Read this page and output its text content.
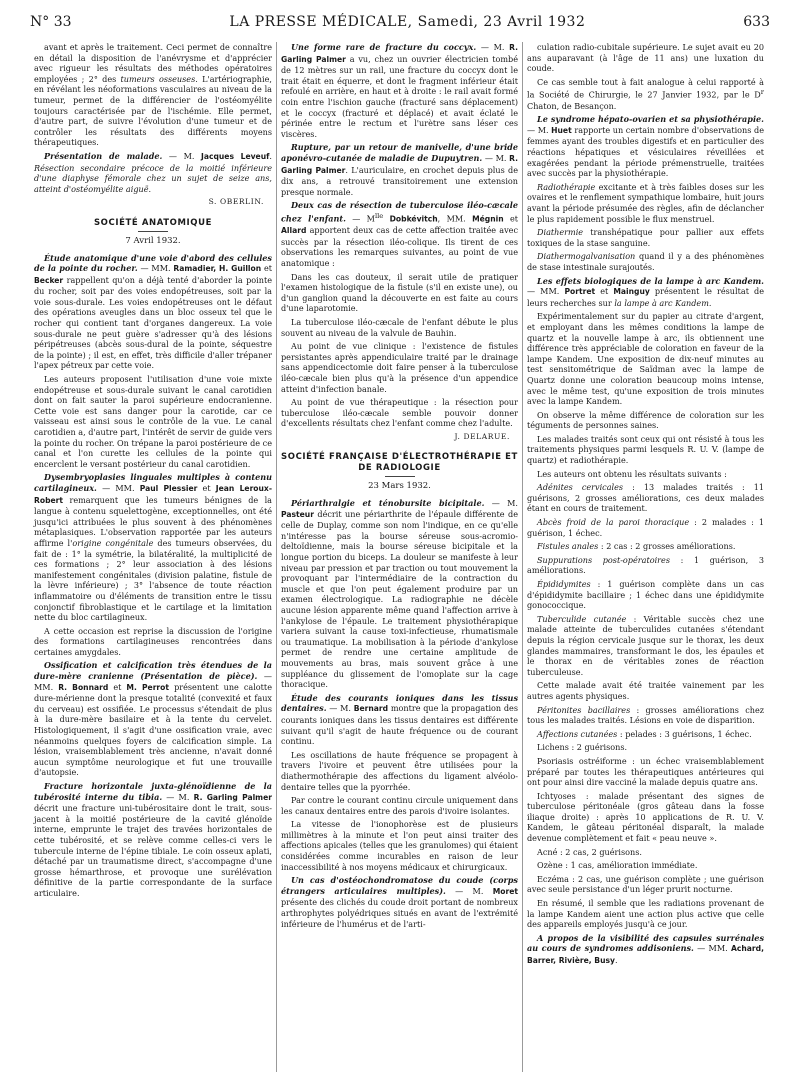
N° 33	LA PRESSE MÉDICALE, Samedi, 23 Avril 1932	633

avant et après le traitement. Ceci permet de connaître en détail la disposition de l'anévrysme et d'apprécier avec rigueur les résultats des méthodes opératoires employées ; 2° des tumeurs osseuses. L'artériographie, en révélant les néoformations vasculaires au niveau de la tumeur, permet de la différencier de l'ostéomyélite toujours caractérisée par de l'ischémie. Elle permet, d'autre part, de suivre l'évolution d'une tumeur et de contrôler les résultats des différents moyens thérapeutiques.

Présentation de malade. — M. Jacques Leveuf. Résection secondaire précoce de la moitié inférieure d'une diaphyse fémorale chez un sujet de seize ans, atteint d'ostéomyélite aiguë.

S. OBERLIN.
SOCIÉTÉ ANATOMIQUE
7 Avril 1932.

Étude anatomique d'une voie d'abord des cellules de la pointe du rocher. — MM. Ramadier, H. Guillon et Becker rappellent qu'on a déjà tenté d'aborder la pointe du rocher, soit par des voies endopétreuses, soit par la voie sous-durale. Les voies endopétreuses ont le défaut des opérations aveugles dans un bloc osseux tel que le rocher qui contient tant d'organes dangereux. La voie sous-durale ne peut guère s'adresser qu'à des lésions péripétreuses (abcès sous-dural de la pointe, séquestre de la pointe) ; il est, en effet, très difficile d'aller trépaner l'apex pétreux par cette voie.

Les auteurs proposent l'utilisation d'une voie mixte endopétreuse et sous-durale suivant le canal carotidien dont on fait sauter la paroi supérieure endocranienne. Cette voie est sans danger pour la carotide, car ce vaisseau est ainsi sous le contrôle de la vue. Le canal carotidien a, d'autre part, l'intérêt de servir de guide vers la pointe du rocher. On trépane la paroi postérieure de ce canal et l'on curette les cellules de la pointe qui encerclent le versant postérieur du canal carotidien.

Dysembryoplasies linguales multiples à contenu cartilagineux. — MM. Paul Plessier et Jean Leroux-Robert remarquent que les tumeurs bénignes de la langue à contenu squelettogène, exceptionnelles, ont été jusqu'ici attribuées le plus souvent à des phénomènes métaplasiques. L'observation rapportée par les auteurs affirme l'origine congénitale des tumeurs observées, du fait de : 1° la symétrie, la bilatéralité, la multiplicité de ces formations ; 2° leur association à des lésions manifestement congénitales (division palatine, fistule de la lèvre inférieure) ; 3° l'absence de toute réaction inflammatoire ou d'éléments de transition entre le tissu conjonctif fibroblastique et le cartilage et la limitation nette du bloc cartilagineux.

A cette occasion est reprise la discussion de l'origine des formations cartilagineuses rencontrées dans certaines amygdales.

Ossification et calcification très étendues de la dure-mère cranienne (Présentation de pièce). — MM. R. Bonnard et M. Perrot présentent une calotte dure-mérienne dont la presque totalité (convexité et faux du cerveau) est ossifiée. Le processus s'étendait de plus à la dure-mère basilaire et à la tente du cervelet. Histologiquement, il s'agit d'une ossification vraie, avec néanmoins quelques foyers de calcification simple. La lésion, vraisemblablement très ancienne, n'avait donné aucun symptôme neurologique et fut une trouvaille d'autopsie.

Fracture horizontale juxta-glénoïdienne de la tubérosité interne du tibia. — M. R. Garling Palmer décrit une fracture uni-tubérositaire dont le trait, sous-jacent à la moitié postérieure de la cavité glénoïde interne, emprunte le trajet des travées horizontales de cette tubérosité, et se relève comme celles-ci vers le tubercule interne de l'épine tibiale. Le coin osseux aplati, détaché par un traumatisme direct, s'accompagne d'une grosse hémarthrose, et provoque une surélévation définitive de la partie correspondante de la surface articulaire.

Une forme rare de fracture du coccyx. — M. R. Garling Palmer a vu, chez un ouvrier électricien tombé de 12 mètres sur un rail, une fracture du coccyx dont le trait était en équerre, et dont le fragment inférieur était refoulé en arrière, en haut et à droite : le rail avait formé coin entre l'ischion gauche (fracturé sans déplacement) et le coccyx (fracturé et déplacé) et avait éclaté le périnée entre le rectum et l'urètre sans léser ces viscères.

Rupture, par un retour de manivelle, d'une bride aponévro-cutanée de maladie de Dupuytren. — M. R. Garling Palmer. L'auriculaire, en crochet depuis plus de dix ans, a retrouvé transitoirement une extension presque normale.

Deux cas de résection de tuberculose iléo-cæcale chez l'enfant. — $M^{lle}$ Dobkévitch, MM. Mégnin et Allard apportent deux cas de cette affection traitée avec succès par la résection iléo-colique. Ils tirent de ces observations les remarques suivantes, au point de vue anatomique :

Dans les cas douteux, il serait utile de pratiquer l'examen histologique de la fistule (s'il en existe une), ou d'un ganglion quand la découverte en est faite au cours d'une laparotomie.

La tuberculose iléo-cæcale de l'enfant débute le plus souvent au niveau de la valvule de Bauhin.

Au point de vue clinique : l'existence de fistules persistantes après appendiculaire traité par le drainage sans appendicectomie doit faire penser à la tuberculose iléo-cæcale bien plus qu'à la présence d'un appendice atteint d'infection banale.

Au point de vue thérapeutique : la résection pour tuberculose iléo-cæcale semble pouvoir donner d'excellents résultats chez l'enfant comme chez l'adulte.

J. DELARUE.
SOCIÉTÉ FRANÇAISE D'ÉLECTROTHÉRAPIE ET DE RADIOLOGIE
23 Mars 1932.

Périarthralgie et ténobursite bicipitale. — M. Pasteur décrit une périarthrite de l'épaule différente de celle de Duplay, comme son nom l'indique, en ce qu'elle n'intéresse pas la bourse séreuse sous-acromio-deltoïdienne, mais la bourse séreuse bicipitale et la longue portion du biceps. La douleur se manifeste à leur niveau par pression et par traction ou tout mouvement la provoquant par l'intermédiaire de la contraction du muscle et que l'on peut également produire par un examen électrologique. La radiographie ne décèle aucune lésion apparente même quand l'affection arrive à l'ankylose de l'épaule. Le traitement physiothérapique variera suivant la cause toxi-infectieuse, rhumatismale ou traumatique. La mobilisation à la période d'ankylose permet de rendre une certaine amplitude de mouvements au bras, mais souvent grâce à une suppléance du glissement de l'omoplate sur la cage thoracique.

Étude des courants ioniques dans les tissus dentaires. — M. Bernard montre que la propagation des courants ioniques dans les tissus dentaires est différente suivant qu'il s'agit de haute fréquence ou de courant continu.

Les oscillations de haute fréquence se propagent à travers l'ivoire et peuvent être utilisées pour la diathermothérapie des affections du ligament alvéolo-dentaire telles que la pyorrhée.

Par contre le courant continu circule uniquement dans les canaux dentaires entre des parois d'ivoire isolantes.

La vitesse de l'ionophorèse est de plusieurs millimètres à la minute et l'on peut ainsi traiter des affections apicales (telles que les granulomes) qui étaient considérées comme incurables en raison de leur inaccessibilité à nos moyens médicaux et chirurgicaux.

Un cas d'ostéochondromatose du coude (corps étrangers articulaires multiples). — M. Moret présente des clichés du coude droit portant de nombreux arthrophytes polyédriques situés en avant de l'extrémité inférieure de l'humérus et de l'arti-

culation radio-cubitale supérieure. Le sujet avait eu 20 ans auparavant (à l'âge de 11 ans) une luxation du coude.

Ce cas semble tout à fait analogue à celui rapporté à la Société de Chirurgie, le 27 Janvier 1932, par le $D^r$ Chaton, de Besançon.

Le syndrome hépato-ovarien et sa physiothérapie. — M. Huet rapporte un certain nombre d'observations de femmes ayant des troubles digestifs et en particulier des réactions hépatiques et vésiculaires réveillées et exagérées pendant la période prémenstruelle, traitées avec succès par la physiothérapie.

Radiothérapie excitante et à très faibles doses sur les ovaires et le renflement sympathique lombaire, huit jours avant la période présumée des règles, afin de déclancher le plus rapidement possible le flux menstruel.

Diathermie transhépatique pour pallier aux effets toxiques de la stase sanguine.

Diathermogalvanisation quand il y a des phénomènes de stase intestinale surajoutés.

Les effets biologiques de la lampe à arc Kandem. — MM. Portret et Mainguy présentent le résultat de leurs recherches sur la lampe à arc Kandem.

Expérimentalement sur du papier au citrate d'argent, et employant dans les mêmes conditions la lampe de quartz et la nouvelle lampe à arc, ils obtiennent une différence très appréciable de coloration en faveur de la lampe Kandem. Une exposition de dix-neuf minutes au test sensitométrique de Saïdman avec la lampe de Quartz donne une coloration beaucoup moins intense, avec le même test, qu'une exposition de trois minutes avec la lampe Kandem.

On observe la même différence de coloration sur les téguments de personnes saines.

Les malades traités sont ceux qui ont résisté à tous les traitements physiques parmi lesquels R. U. V. (lampe de quartz) et radiothérapie.

Les auteurs ont obtenu les résultats suivants :

Adénites cervicales : 13 malades traités : 11 guérisons, 2 grosses améliorations, ces deux malades étant en cours de traitement.

Abcès froid de la paroi thoracique : 2 malades : 1 guérison, 1 échec.

Fistules anales : 2 cas : 2 grosses améliorations.

Suppurations post-opératoires : 1 guérison, 3 améliorations.

Épididymites : 1 guérison complète dans un cas d'épididymite bacillaire ; 1 échec dans une épididymite gonococcique.

Tuberculide cutanée : Véritable succès chez une malade atteinte de tuberculides cutanées s'étendant depuis la région cervicale jusque sur le thorax, les deux glandes mammaires, transformant le dos, les épaules et le thorax en de véritables zones de réaction tuberculeuse.

Cette malade avait été traitée vainement par les autres agents physiques.

Péritonites bacillaires : grosses améliorations chez tous les malades traités. Lésions en voie de disparition.

Affections cutanées : pelades : 3 guérisons, 1 échec.

Lichens : 2 guérisons.

Psoriasis ostréiforme : un échec vraisemblablement préparé par toutes les thérapeutiques antérieures qui ont pour ainsi dire vacciné la malade depuis quatre ans.

Ichtyoses : malade présentant des signes de tuberculose péritonéale (gros gâteau dans la fosse iliaque droite) : après 10 applications de R. U. V. Kandem, le gâteau péritonéal disparaît, la malade devenue complètement et fait « peau neuve ».

Acné : 2 cas, 2 guérisons.

Ozène : 1 cas, amélioration immédiate.

Eczéma : 2 cas, une guérison complète ; une guérison avec seule persistance d'un léger prurit nocturne.

En résumé, il semble que les radiations provenant de la lampe Kandem aient une action plus active que celle des appareils employés jusqu'à ce jour.

A propos de la visibilité des capsules surrénales au cours de syndromes addisoniens. — MM. Achard, Barrer, Rivière, Busy.
